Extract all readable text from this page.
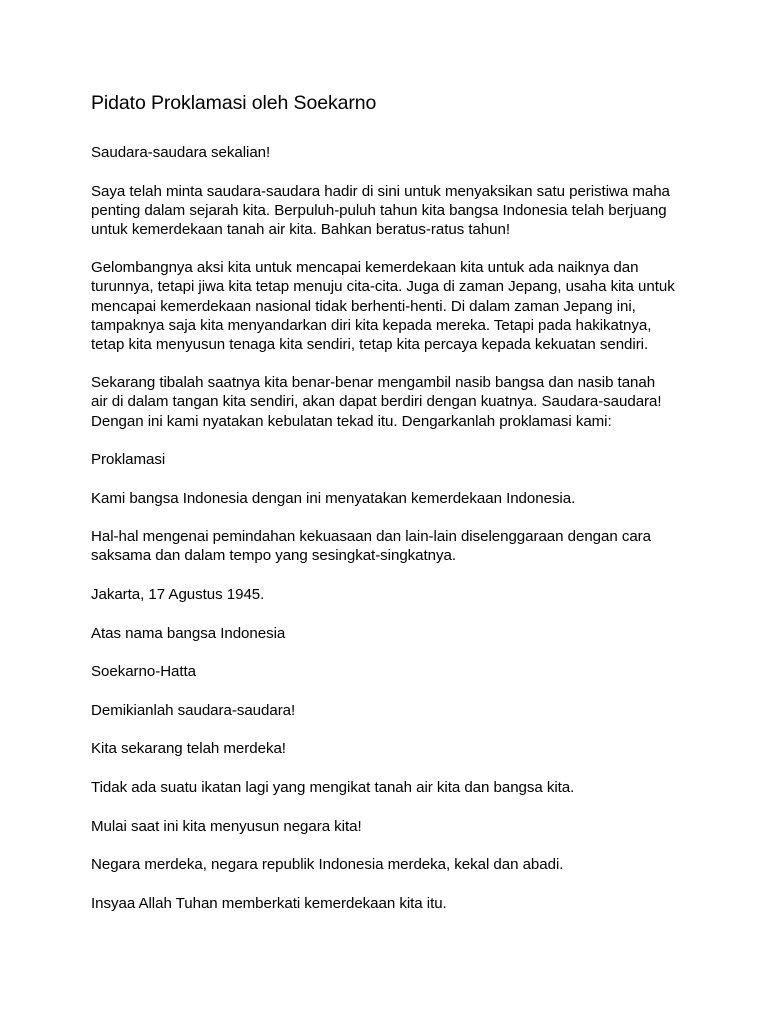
Pidato Proklamasi oleh Soekarno

Saudara-saudara sekalian!

Saya telah minta saudara-saudara hadir di sini untuk menyaksikan satu peristiwa maha
penting dalam sejarah kita. Berpuluh-puluh tahun kita bangsa Indonesia telah berjuang
untuk kemerdekaan tanah air kita. Bahkan beratus-ratus tahun!

Gelombangnya aksi kita untuk mencapai kemerdekaan kita untuk ada naiknya dan
turunnya, tetapi jiwa kita tetap menuju cita-cita. Juga di zaman Jepang, usaha kita untuk
mencapai kemerdekaan nasional tidak berhenti-henti. Di dalam zaman Jepang ini,
tampaknya saja kita menyandarkan diri kita kepada mereka. Tetapi pada hakikatnya,
tetap kita menyusun tenaga kita sendiri, tetap kita percaya kepada kekuatan sendiri.

Sekarang tibalah saatnya kita benar-benar mengambil nasib bangsa dan nasib tanah
air di dalam tangan kita sendiri, akan dapat berdiri dengan kuatnya. Saudara-saudara!
Dengan ini kami nyatakan kebulatan tekad itu. Dengarkanlah proklamasi kami:

Proklamasi

Kami bangsa Indonesia dengan ini menyatakan kemerdekaan Indonesia.

Hal-hal mengenai pemindahan kekuasaan dan lain-lain diselenggaraan dengan cara
saksama dan dalam tempo yang sesingkat-singkatnya.

Jakarta, 17 Agustus 1945.

Atas nama bangsa Indonesia

Soekarno-Hatta

Demikianlah saudara-saudara!

Kita sekarang telah merdeka!

Tidak ada suatu ikatan lagi yang mengikat tanah air kita dan bangsa kita.

Mulai saat ini kita menyusun negara kita!

Negara merdeka, negara republik Indonesia merdeka, kekal dan abadi.

Insyaa Allah Tuhan memberkati kemerdekaan kita itu.
